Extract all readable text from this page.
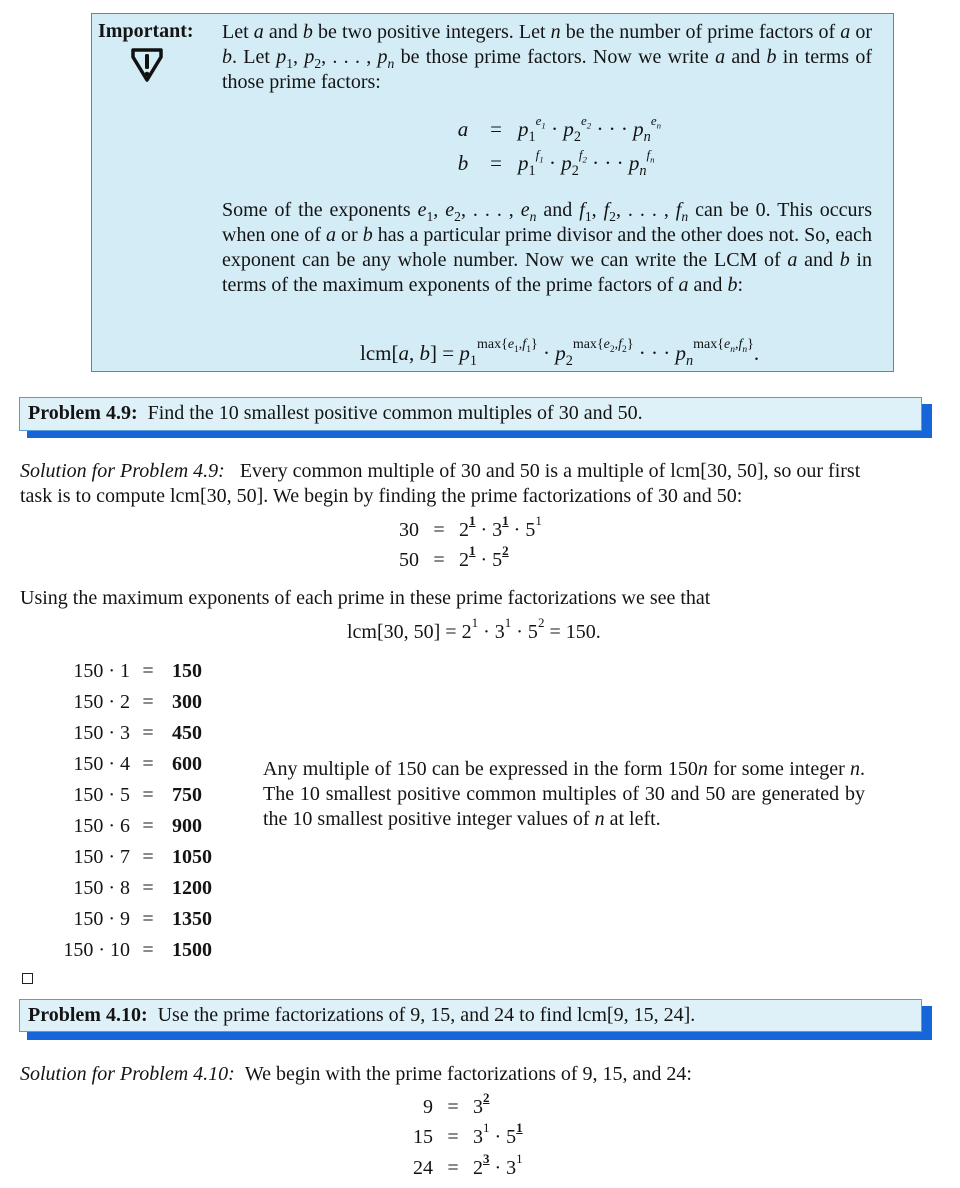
Important: Let a and b be two positive integers. Let n be the number of prime factors of a or b. Let $p_1$, $p_2$, . . . , $p_n$ be those prime factors. Now we write a and b in terms of those prime factors:
$a = p_1^{e_1} \cdot p_2^{e_2}$ · · · $p_n^{e_n}$
$b = p_1^{f_1} \cdot p_2^{f_2}$ · · · $p_n^{f_n}$
Some of the exponents $e_1$, $e_2$, . . . , $e_n$ and $f_1$, $f_2$, . . . , $f_n$ can be 0. This occurs when one of a or b has a particular prime divisor and the other does not. So, each exponent can be any whole number. Now we can write the LCM of a and b in terms of the maximum exponents of the prime factors of a and b:
lcm[a, $b] = p_1^{max\{e_1,f_1\}} \cdot p_2^{max\{e_2,f_2\}}$ · · · $p_n^{max\{e_n,f_n\}}$.
Problem 4.9: Find the 10 smallest positive common multiples of 30 and 50.
Solution for Problem 4.9: Every common multiple of 30 and 50 is a multiple of lcm[30, 50], so our first
task is to compute lcm[30, 50]. We begin by finding the prime factorizations of 30 and 50:
$30 = 2^1 \cdot 3^1 \cdot 5^1$
$50 = 2^1 \cdot 5^2$
Using the maximum exponents of each prime in these prime factorizations we see that
lcm[30, $50] = 2^1 \cdot 3^1 \cdot 5^2 = 150$.
150 · 1 = 150
150 · 2 = 300
150 · 3 = 450
150 · 4 = 600
150 · 5 = 750
150 · 6 = 900
150 · 7 = 1050
150 · 8 = 1200
150 · 9 = 1350
150 · 10 = 1500
Any multiple of 150 can be expressed in the form 150n for some integer n. The 10 smallest positive common multiples of 30 and 50 are generated by the 10 smallest positive integer values of n at left.
Problem 4.10: Use the prime factorizations of 9, 15, and 24 to find lcm[9, 15, 24].
Solution for Problem 4.10: We begin with the prime factorizations of 9, 15, and 24:
$9 = 3^2$
$15 = 3^1 \cdot 5^1$
$24 = 2^3 \cdot 3^1$
